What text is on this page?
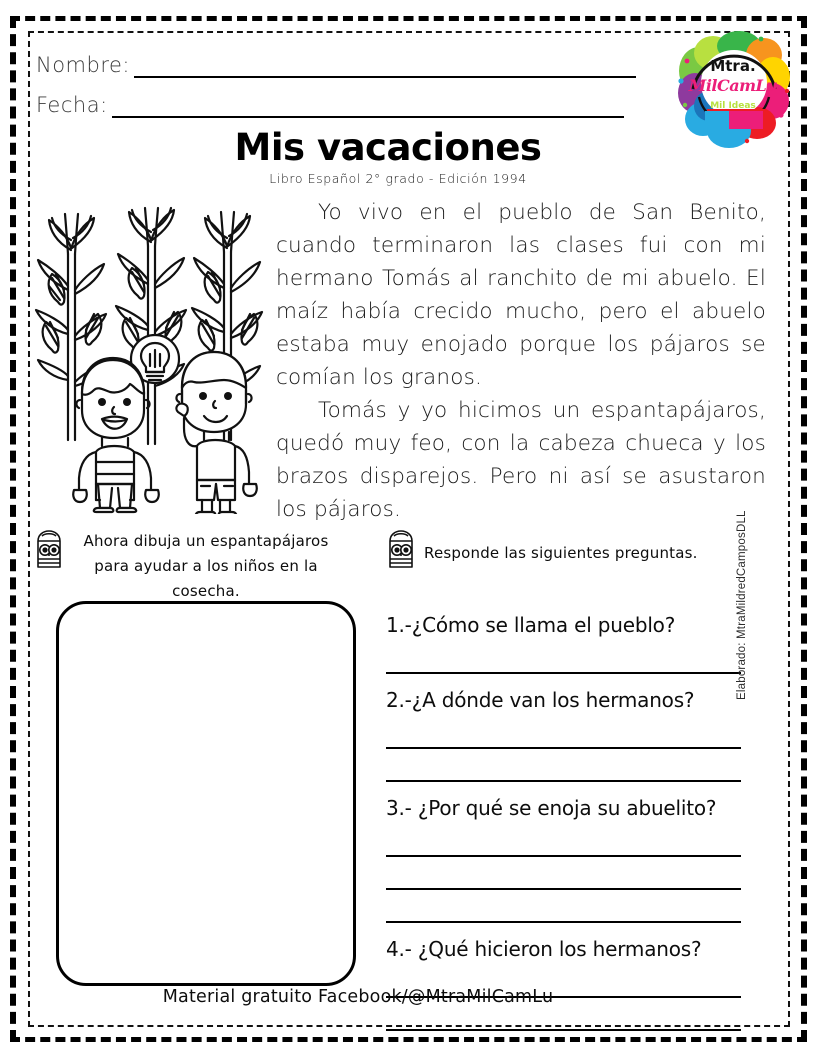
Nombre:
Fecha:
Mtra.
MilCamLu
Mil Ideas
Mis vacaciones
Libro Español 2° grado - Edición 1994

Yo vivo en el pueblo de San Benito, cuando terminaron las clases fui con mi hermano Tomás al ranchito de mi abuelo. El maíz había crecido mucho, pero el abuelo estaba muy enojado porque los pájaros se comían los granos.

Tomás y yo hicimos un espantapájaros, quedó muy feo, con la cabeza chueca y los brazos disparejos. Pero ni así se asustaron los pájaros.

Ahora dibuja un espantapájaros para ayudar a los niños en la cosecha.
Responde las siguientes preguntas.

1.-¿Cómo se llama el pueblo?

2.-¿A dónde van los hermanos?

3.- ¿Por qué se enoja su abuelito?

4.- ¿Qué hicieron los hermanos?

Material gratuito Facebook/@MtraMilCamLu
Elaborado: MtraMildredCamposDLL
